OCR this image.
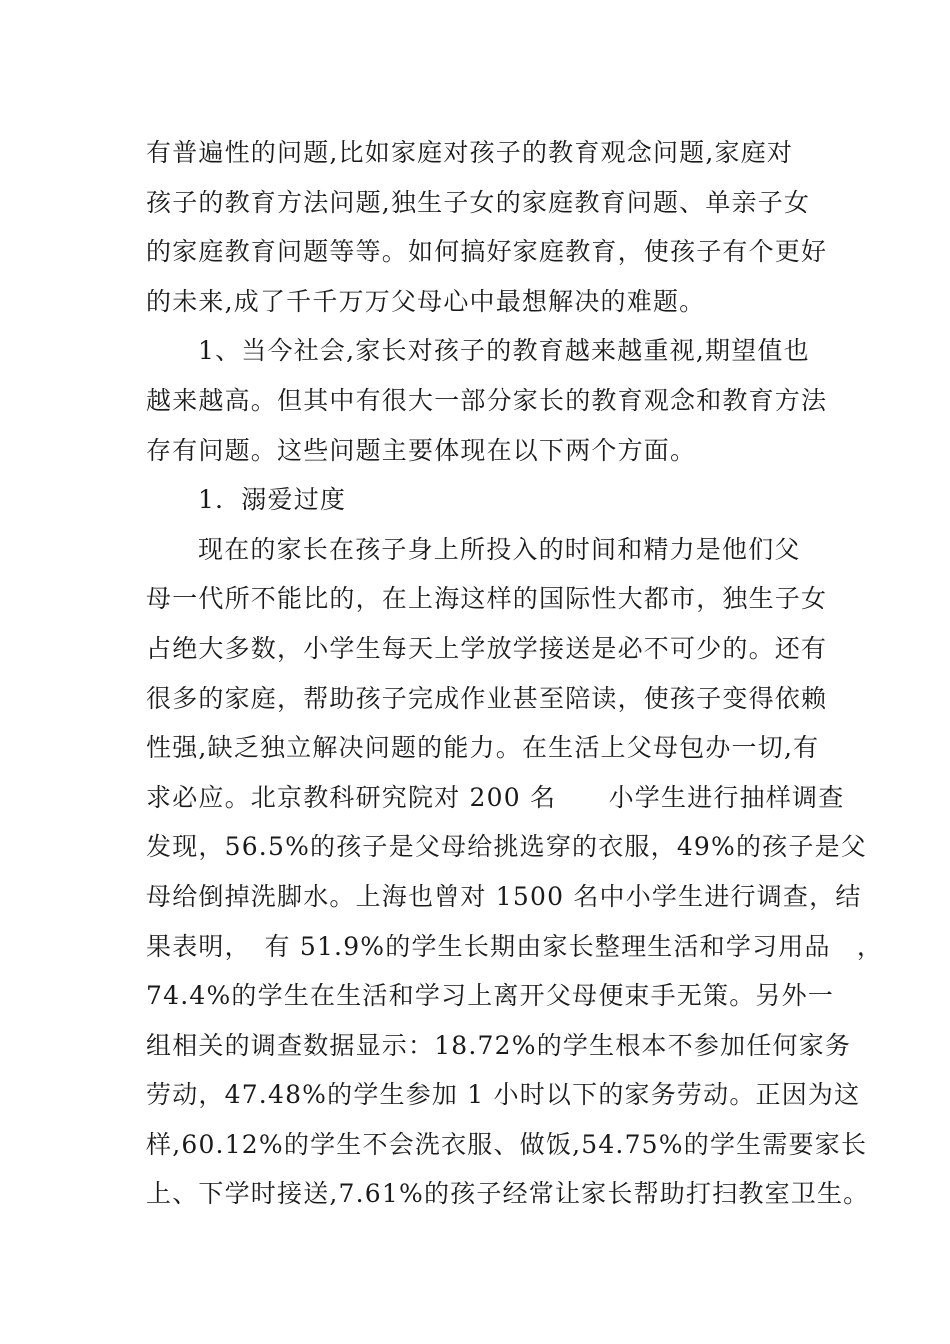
有普遍性的问题,比如家庭对孩子的教育观念问题,家庭对
孩子的教育方法问题,独生子女的家庭教育问题、单亲子女
的家庭教育问题等等。如何搞好家庭教育，使孩子有个更好
的未来,成了千千万万父母心中最想解决的难题。
1、当今社会,家长对孩子的教育越来越重视,期望值也
越来越高。但其中有很大一部分家长的教育观念和教育方法
存有问题。这些问题主要体现在以下两个方面。
1．溺爱过度
现在的家长在孩子身上所投入的时间和精力是他们父
母一代所不能比的，在上海这样的国际性大都市，独生子女
占绝大多数，小学生每天上学放学接送是必不可少的。还有
很多的家庭，帮助孩子完成作业甚至陪读，使孩子变得依赖
性强,缺乏独立解决问题的能力。在生活上父母包办一切,有
求必应。北京教科研究院对 200 名　　小学生进行抽样调查
发现，56.5%的孩子是父母给挑选穿的衣服，49%的孩子是父
母给倒掉洗脚水。上海也曾对 1500 名中小学生进行调查，结
果表明，　有 51.9%的学生长期由家长整理生活和学习用品　，
74.4%的学生在生活和学习上离开父母便束手无策。另外一
组相关的调查数据显示：18.72%的学生根本不参加任何家务
劳动，47.48%的学生参加 1 小时以下的家务劳动。正因为这
样,60.12%的学生不会洗衣服、做饭,54.75%的学生需要家长
上、下学时接送,7.61%的孩子经常让家长帮助打扫教室卫生。
